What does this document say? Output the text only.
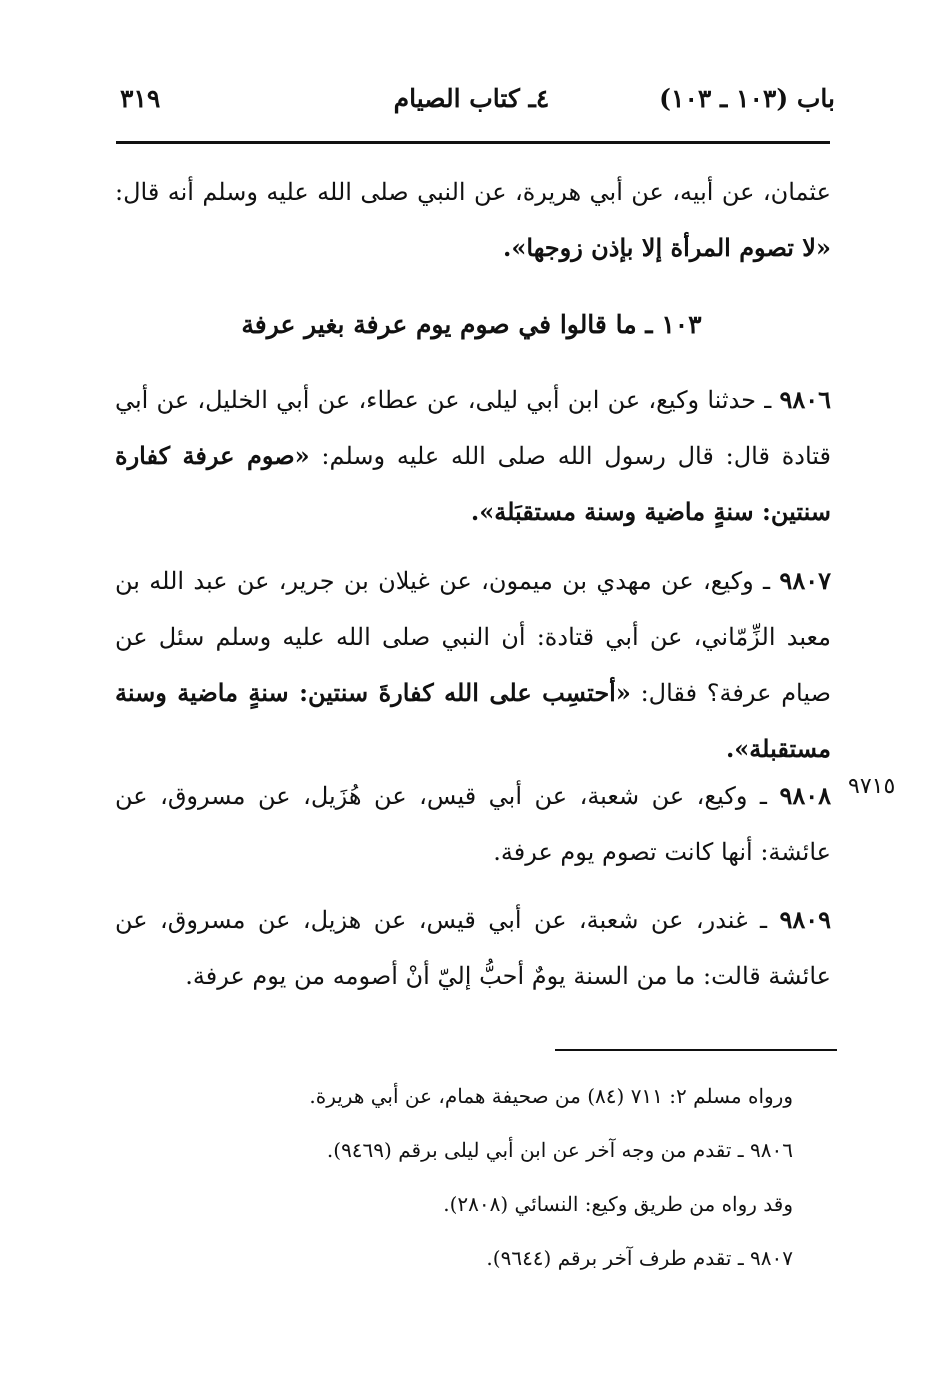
باب (١٠٣ ـ ١٠٣)
٤ـ كتاب الصيام
٣١٩
عثمان، عن أبيه، عن أبي هريرة، عن النبي صلى الله عليه وسلم أنه قال: «لا تصوم المرأة إلا بإذن زوجها».
١٠٣ ـ ما قالوا في صوم يوم عرفة بغير عرفة
٩٨٠٦ ـ حدثنا وكيع، عن ابن أبي ليلى، عن عطاء، عن أبي الخليل، عن أبي قتادة قال: قال رسول الله صلى الله عليه وسلم: «صوم عرفة كفارة سنتين: سنةٍ ماضية وسنة مستقبَلة».
٩٨٠٧ ـ وكيع، عن مهدي بن ميمون، عن غيلان بن جرير، عن عبد الله بن معبد الزِّمّاني، عن أبي قتادة: أن النبي صلى الله عليه وسلم سئل عن صيام عرفة؟ فقال: «أحتسِب على الله كفارةَ سنتين: سنةٍ ماضية وسنة مستقبلة».
٩٧١٥
٩٨٠٨ ـ وكيع، عن شعبة، عن أبي قيس، عن هُزَيل، عن مسروق، عن عائشة: أنها كانت تصوم يوم عرفة.
٩٨٠٩ ـ غندر، عن شعبة، عن أبي قيس، عن هزيل، عن مسروق، عن عائشة قالت: ما من السنة يومٌ أحبُّ إليّ أنْ أصومه من يوم عرفة.
ورواه مسلم ٢: ٧١١ (٨٤) من صحيفة همام، عن أبي هريرة.
٩٨٠٦ ـ تقدم من وجه آخر عن ابن أبي ليلى برقم (٩٤٦٩).
وقد رواه من طريق وكيع: النسائي (٢٨٠٨).
٩٨٠٧ ـ تقدم طرف آخر برقم (٩٦٤٤).
